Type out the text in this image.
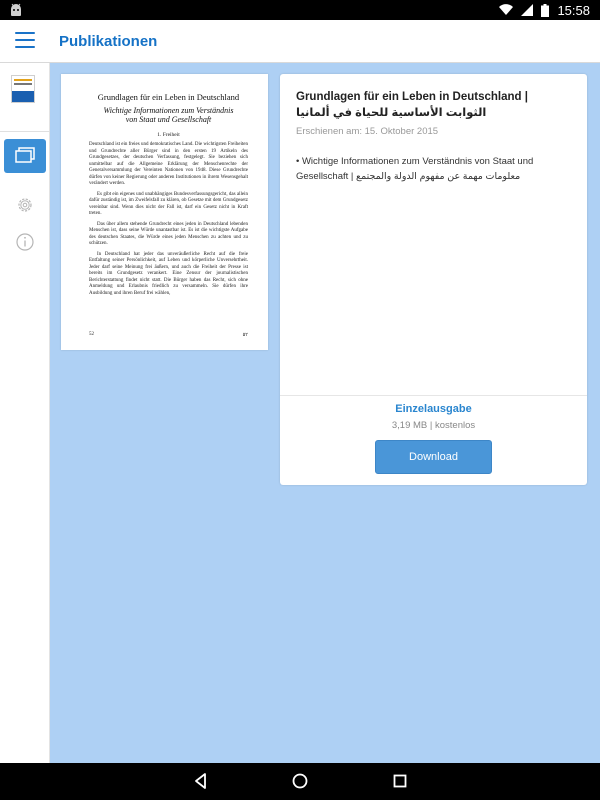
15:58
Publikationen
Grundlagen für ein Leben in Deutschland
Wichtige Informationen zum Verständnis
von Staat und Gesellschaft
1. Freiheit

Deutschland ist ein freies und demokratisches Land. Die wichtigsten Freiheiten und Grundrechte aller Bürger sind in den ersten 19 Artikeln des Grundgesetzes, der deutschen Verfassung, festgelegt. Sie beziehen sich unmittelbar auf die Allgemeine Erklärung der Menschenrechte der Generalversammlung der Vereinten Nationen von 1948. Diese Grundrechte dürfen von keiner Regierung oder anderen Institutionen in ihrem Wesensgehalt verändert werden.

Es gibt ein eigenes und unabhängiges Bundesverfassungsgericht, das allein dafür zuständig ist, im Zweifelsfall zu klären, ob Gesetze mit dem Grundgesetz vereinbar sind. Wenn dies nicht der Fall ist, darf ein Gesetz nicht in Kraft treten.

Das über allem stehende Grundrecht eines jeden in Deutschland lebenden Menschen ist, dass seine Würde unantastbar ist. Es ist die wichtigste Aufgabe des deutschen Staates, die Würde eines jeden Menschen zu achten und zu schützen.

In Deutschland hat jeder das unveräußerliche Recht auf die freie Entfaltung seiner Persönlichkeit, auf Leben und körperliche Unversehrtheit. Jeder darf seine Meinung frei äußern, und auch die Freiheit der Presse ist bereits im Grundgesetz verankert. Eine Zensur der journalistischen Berichterstattung findet nicht statt. Die Bürger haben das Recht, sich ohne Anmeldung und Erlaubnis friedlich zu versammeln. Sie dürfen ihre Ausbildung und ihren Beruf frei wählen,

52	٥٢
Grundlagen für ein Leben in Deutschland | الثوابت الأساسية للحياة في ألمانيا
Erschienen am: 15. Oktober 2015
• Wichtige Informationen zum Verständnis von Staat und Gesellschaft | معلومات مهمة عن مفهوم الدولة والمجتمع
Einzelausgabe
3,19 MB | kostenlos
Download
